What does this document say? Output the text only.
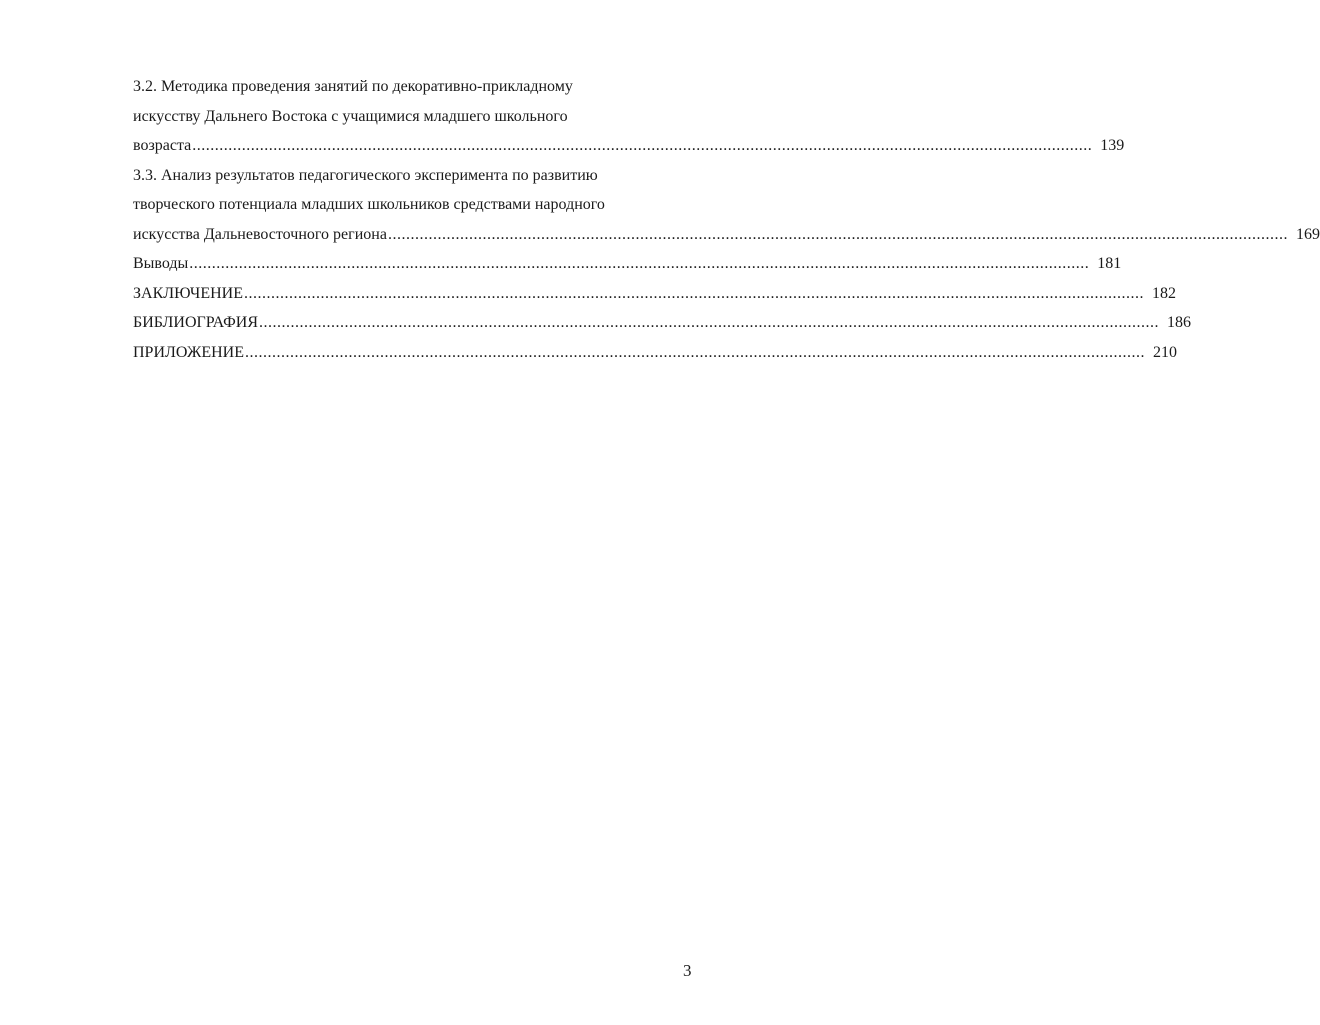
3.2. Методика проведения занятий по декоративно-прикладному
искусству Дальнего Востока с учащимися младшего школьного
возраста ........................................................................................................................................................................................................ 139
3.3. Анализ результатов педагогического эксперимента по развитию
творческого потенциала младших школьников средствами народного
искусства Дальневосточного региона ........................................................................................................................................................................................................ 169
Выводы ........................................................................................................................................................................................................ 181
ЗАКЛЮЧЕНИЕ ........................................................................................................................................................................................................ 182
БИБЛИОГРАФИЯ ........................................................................................................................................................................................................ 186
ПРИЛОЖЕНИЕ ........................................................................................................................................................................................................ 210
3
